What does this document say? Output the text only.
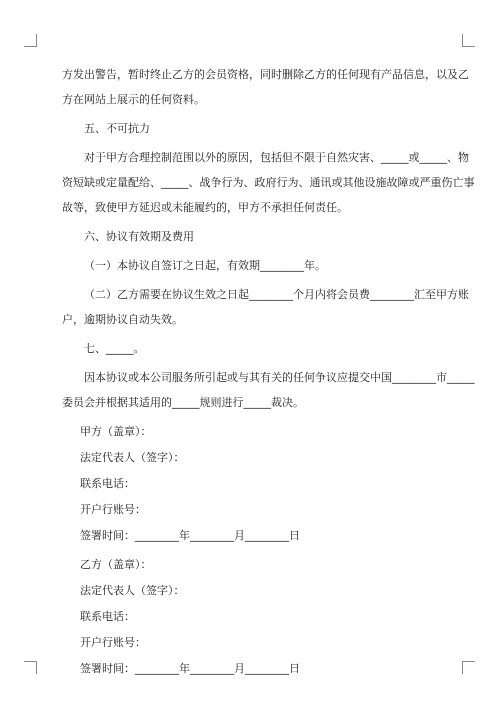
方发出警告，暂时终止乙方的会员资格，同时删除乙方的任何现有产品信息，以及乙

方在网站上展示的任何资料。

五、不可抗力

对于甲方合理控制范围以外的原因，包括但不限于自然灾害、_____或_____、物

资短缺或定量配给、_____、战争行为、政府行为、通讯或其他设施故障或严重伤亡事

故等，致使甲方延迟或未能履约的，甲方不承担任何责任。

六、协议有效期及费用

（一）本协议自签订之日起，有效期________年。

（二）乙方需要在协议生效之日起________个月内将会员费________汇至甲方账

户，逾期协议自动失效。

七、_____。

因本协议或本公司服务所引起或与其有关的任何争议应提交中国________市_____

委员会并根据其适用的_____规则进行_____裁决。

甲方（盖章）：

法定代表人（签字）：

联系电话：

开户行账号：

签署时间：________年________月________日

乙方（盖章）：

法定代表人（签字）：

联系电话：

开户行账号：

签署时间：________年________月________日
